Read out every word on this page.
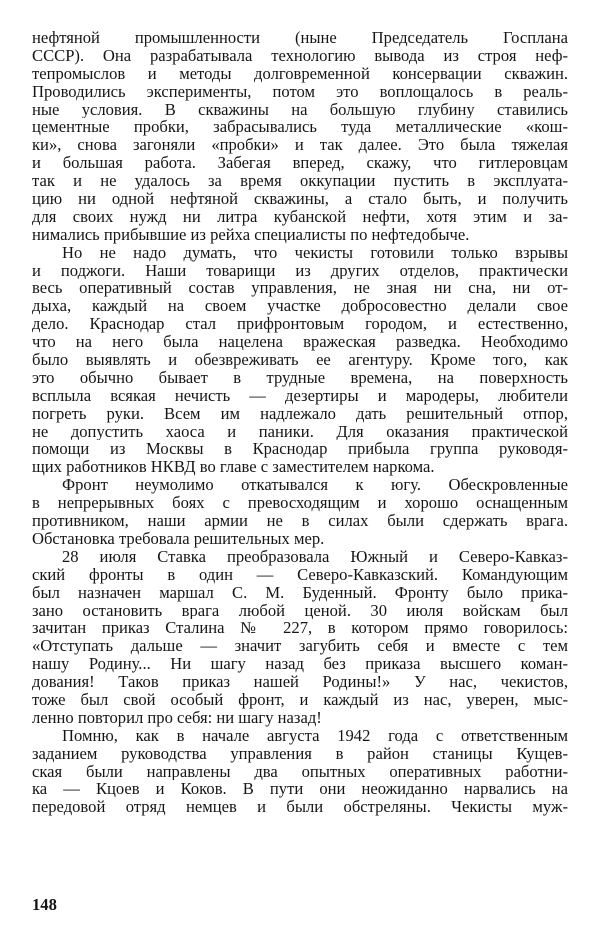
нефтяной промышленности (ныне Председатель Госплана
СССР). Она разрабатывала технологию вывода из строя неф-
тепромыслов и методы долговременной консервации скважин.
Проводились эксперименты, потом это воплощалось в реаль-
ные условия. В скважины на большую глубину ставились
цементные пробки, забрасывались туда металлические «кош-
ки», снова загоняли «пробки» и так далее. Это была тяжелая
и большая работа. Забегая вперед, скажу, что гитлеровцам
так и не удалось за время оккупации пустить в эксплуата-
цию ни одной нефтяной скважины, а стало быть, и получить
для своих нужд ни литра кубанской нефти, хотя этим и за-
нимались прибывшие из рейха специалисты по нефтедобыче.
Но не надо думать, что чекисты готовили только взрывы
и поджоги. Наши товарищи из других отделов, практически
весь оперативный состав управления, не зная ни сна, ни от-
дыха, каждый на своем участке добросовестно делали свое
дело. Краснодар стал прифронтовым городом, и естественно,
что на него была нацелена вражеская разведка. Необходимо
было выявлять и обезвреживать ее агентуру. Кроме того, как
это обычно бывает в трудные времена, на поверхность
всплыла всякая нечисть — дезертиры и мародеры, любители
погреть руки. Всем им надлежало дать решительный отпор,
не допустить хаоса и паники. Для оказания практической
помощи из Москвы в Краснодар прибыла группа руководя-
щих работников НКВД во главе с заместителем наркома.
Фронт неумолимо откатывался к югу. Обескровленные
в непрерывных боях с превосходящим и хорошо оснащенным
противником, наши армии не в силах были сдержать врага.
Обстановка требовала решительных мер.
28 июля Ставка преобразовала Южный и Северо-Кавказ-
ский фронты в один — Северо-Кавказский. Командующим
был назначен маршал С. М. Буденный. Фронту было прика-
зано остановить врага любой ценой. 30 июля войскам был
зачитан приказ Сталина № 227, в котором прямо говорилось:
«Отступать дальше — значит загубить себя и вместе с тем
нашу Родину... Ни шагу назад без приказа высшего коман-
дования! Таков приказ нашей Родины!» У нас, чекистов,
тоже был свой особый фронт, и каждый из нас, уверен, мыс-
ленно повторил про себя: ни шагу назад!
Помню, как в начале августа 1942 года с ответственным
заданием руководства управления в район станицы Кущев-
ская были направлены два опытных оперативных работни-
ка — Кцоев и Коков. В пути они неожиданно нарвались на
передовой отряд немцев и были обстреляны. Чекисты муж-
148
